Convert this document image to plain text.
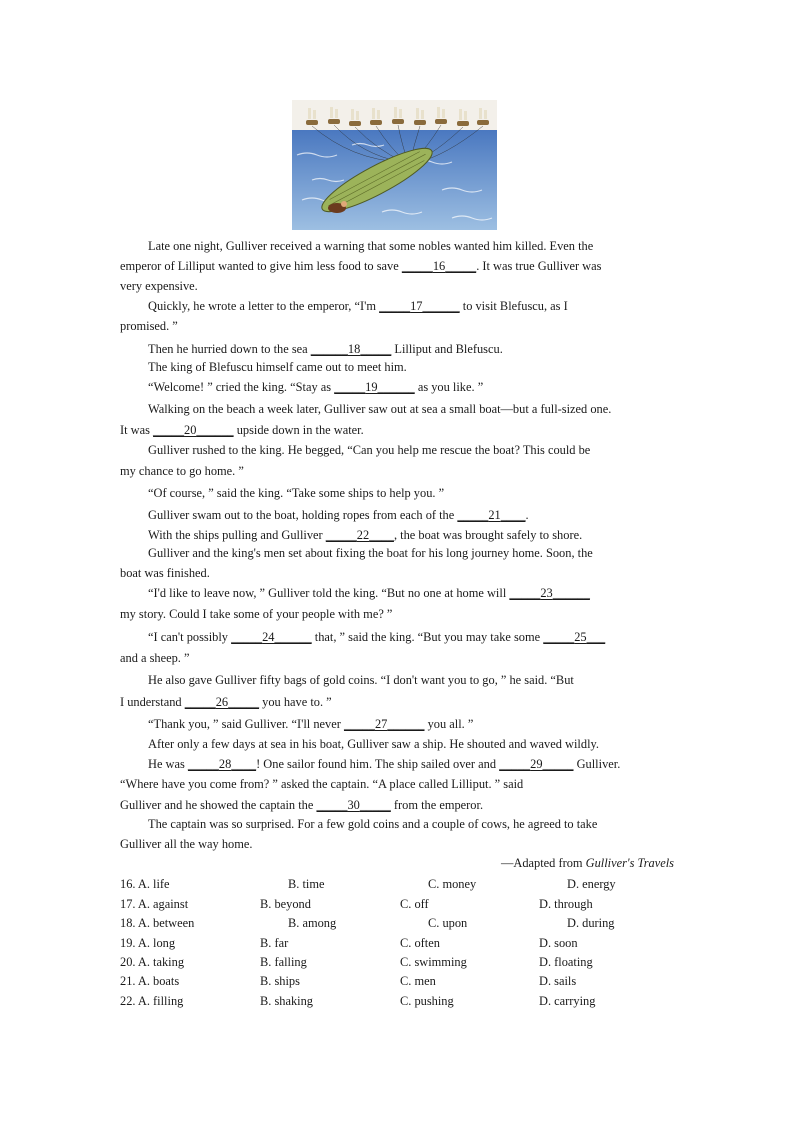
Late one night, Gulliver received a warning that some nobles wanted him killed. Even the
emperor of Lilliput wanted to give him less food to save _____16_____. It was true Gulliver was
very expensive.
Quickly, he wrote a letter to the emperor, “I'm _____17______ to visit Blefuscu, as I
promised. ”
Then he hurried down to the sea ______18_____ Lilliput and Blefuscu.
The king of Blefuscu himself came out to meet him.
“Welcome! ” cried the king. “Stay as _____19______ as you like. ”
Walking on the beach a week later, Gulliver saw out at sea a small boat—but a full-sized one.
It was _____20______ upside down in the water.
Gulliver rushed to the king. He begged, “Can you help me rescue the boat? This could be
my chance to go home. ”
“Of course, ” said the king. “Take some ships to help you. ”
Gulliver swam out to the boat, holding ropes from each of the _____21____.
With the ships pulling and Gulliver _____22____, the boat was brought safely to shore.
Gulliver and the king's men set about fixing the boat for his long journey home. Soon, the
boat was finished.
“I'd like to leave now, ” Gulliver told the king. “But no one at home will _____23______
my story. Could I take some of your people with me? ”
“I can't possibly _____24______ that, ” said the king. “But you may take some _____25___
and a sheep. ”
He also gave Gulliver fifty bags of gold coins. “I don't want you to go, ” he said. “But
I understand _____26_____ you have to. ”
“Thank you, ” said Gulliver. “I'll never _____27______ you all. ”
After only a few days at sea in his boat, Gulliver saw a ship. He shouted and waved wildly.
He was _____28____! One sailor found him. The ship sailed over and _____29_____ Gulliver.
“Where have you come from? ” asked the captain. “A place called Lilliput. ” said
Gulliver and he showed the captain the _____30_____ from the emperor.
The captain was so surprised. For a few gold coins and a couple of cows, he agreed to take
Gulliver all the way home.
—Adapted from Gulliver's Travels
16. A. life	B. time	C. money	D. energy
17. A. against	B. beyond	C. off	D. through
18. A. between	B. among	C. upon	D. during
19. A. long	B. far	C. often	D. soon
20. A. taking	B. falling	C. swimming	D. floating
21. A. boats	B. ships	C. men	D. sails
22. A. filling	B. shaking	C. pushing	D. carrying
